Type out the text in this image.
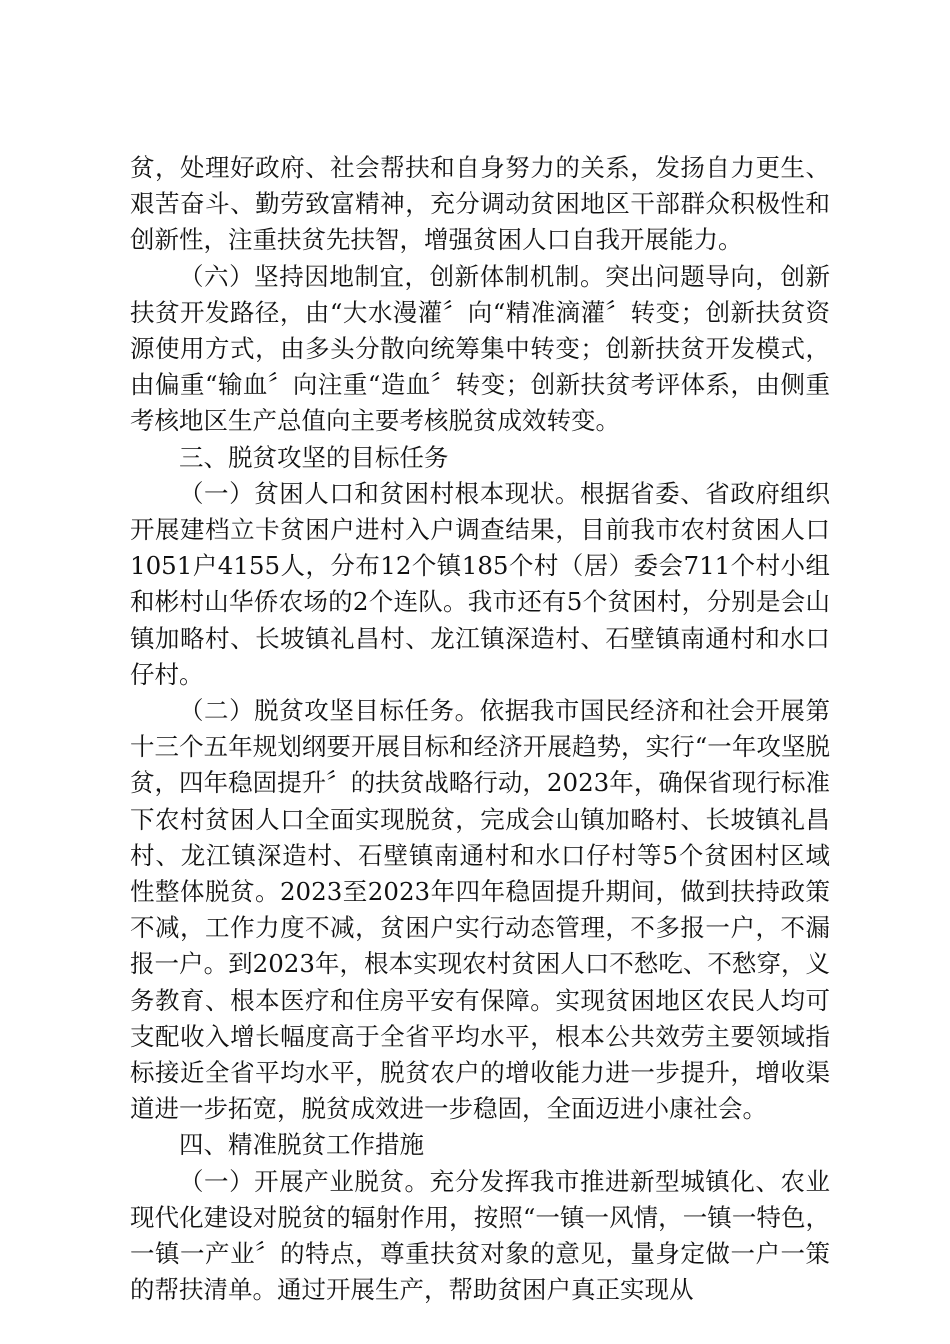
贫，处理好政府、社会帮扶和自身努力的关系，发扬自力更生、艰苦奋斗、勤劳致富精神，充分调动贫困地区干部群众积极性和创新性，注重扶贫先扶智，增强贫困人口自我开展能力。

（六）坚持因地制宜，创新体制机制。突出问题导向，创新扶贫开发路径，由“大水漫灌〞向“精准滴灌〞转变；创新扶贫资源使用方式，由多头分散向统筹集中转变；创新扶贫开发模式，由偏重“输血〞向注重“造血〞转变；创新扶贫考评体系，由侧重考核地区生产总值向主要考核脱贫成效转变。

三、脱贫攻坚的目标任务

（一）贫困人口和贫困村根本现状。根据省委、省政府组织开展建档立卡贫困户进村入户调查结果，目前我市农村贫困人口1051户4155人，分布12个镇185个村（居）委会711个村小组和彬村山华侨农场的2个连队。我市还有5个贫困村，分别是会山镇加略村、长坡镇礼昌村、龙江镇深造村、石壁镇南通村和水口仔村。

（二）脱贫攻坚目标任务。依据我市国民经济和社会开展第十三个五年规划纲要开展目标和经济开展趋势，实行“一年攻坚脱贫，四年稳固提升〞的扶贫战略行动，2023年，确保省现行标准下农村贫困人口全面实现脱贫，完成会山镇加略村、长坡镇礼昌村、龙江镇深造村、石壁镇南通村和水口仔村等5个贫困村区域性整体脱贫。2023至2023年四年稳固提升期间，做到扶持政策不减，工作力度不减，贫困户实行动态管理，不多报一户，不漏报一户。到2023年，根本实现农村贫困人口不愁吃、不愁穿，义务教育、根本医疗和住房平安有保障。实现贫困地区农民人均可支配收入增长幅度高于全省平均水平，根本公共效劳主要领域指标接近全省平均水平，脱贫农户的增收能力进一步提升，增收渠道进一步拓宽，脱贫成效进一步稳固，全面迈进小康社会。

四、精准脱贫工作措施

（一）开展产业脱贫。充分发挥我市推进新型城镇化、农业现代化建设对脱贫的辐射作用，按照“一镇一风情，一镇一特色，一镇一产业〞的特点，尊重扶贫对象的意见，量身定做一户一策的帮扶清单。通过开展生产，帮助贫困户真正实现从
